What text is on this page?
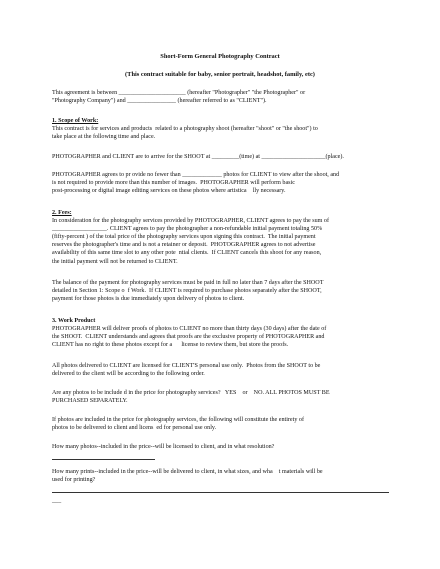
Short-Form General Photography Contract
(This contract suitable for baby, senior portrait, headshot, family, etc)

This agreement is between ______________________ (hereafter "Photographer" "the Photographer" or

"Photography Company") and ________________ (hereafter referred to as "CLIENT").

1. Scope of Work:

This contract is for services and products  related to a photography shoot (hereafter "shoot" or "the shoot") to

take place at the following time and place.

PHOTOGRAPHER and CLIENT are to arrive for the SHOOT at _________(time) at _____________________(place).

PHOTOGRAPHER agrees to pr ovide no fewer than _____________ photos for CLIENT to view after the shoot, and

is not required to provide more than this number of images.  PHOTOGRAPHER will perform basic

post-processing or digital image editing services on these photos where artistica    lly necessary.

2. Fees:

In consideration for the photography services provided by PHOTOGRAPHER, CLIENT agrees to pay the sum of

__________________. CLIENT agrees to pay the photographer a non-refundable initial payment totaling 50%

(fifty-percent ) of the total price of the photography services upon signing this contract.  The initial payment

reserves the photographer's time and is not a retainer or deposit.  PHOTOGRAPHER agrees to not advertise

availability of this same time slot to any other pote  ntial clients.  If CLIENT cancels this shoot for any reason,

the initial payment will not be returned to CLIENT.

The balance of the payment for photography services must be paid in full no later than 7 days after the SHOOT

detailed in Section 1: Scope o  f Work.  If CLIENT is required to purchase photos separately after the SHOOT,

payment for those photos is due immediately upon delivery of photos to client.

3. Work Product

PHOTOGRAPHER will deliver proofs of photos to CLIENT no more than thirty days (30 days) after the date of

the SHOOT.  CLIENT understands and agrees that proofs are the exclusive property of PHOTOGRAPHER and

CLIENT has no right to these photos except for a      license to review them, but store the proofs.

All photos delivered to CLIENT are licensed for CLIENT'S personal use only.  Photos from the SHOOT to be

delivered to the client will be according to the following order.

Are any photos to be include d in the price for photography services?   YES    or    NO. ALL PHOTOS MUST BE

PURCHASED SEPARATELY.

If photos are included in the price for photography services, the following will constitute the entirety of

photos to be delivered to client and licens  ed for personal use only.

How many photos--included in the price--will be licensed to client, and in what resolution?

How many prints--included in the price--will be delivered to client, in what sizes, and wha    t materials will be

used for printing?

___
